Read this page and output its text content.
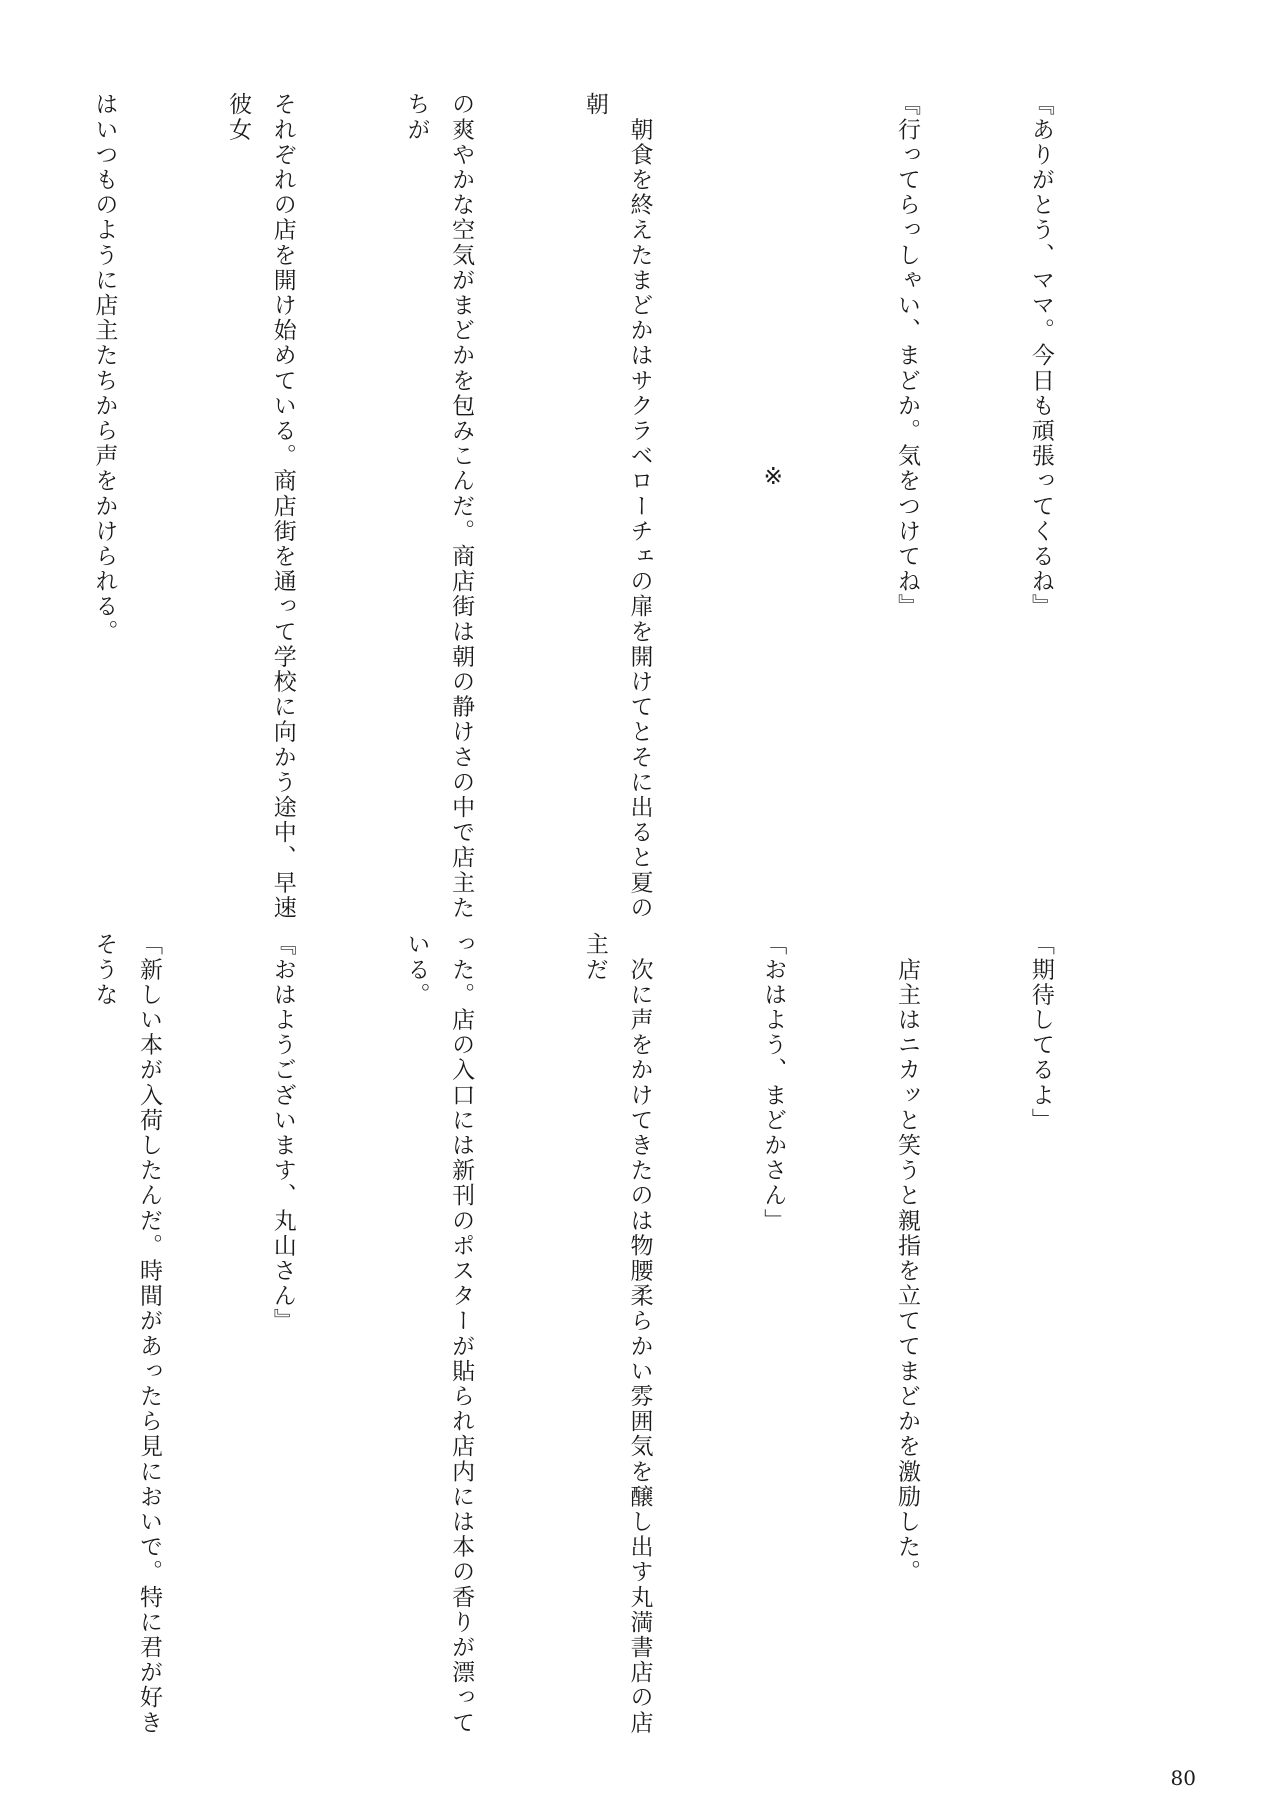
『ありがとう、ママ。今日も頑張ってくるね』

『行ってらっしゃい、まどか。気をつけてね』

※

　朝食を終えたまどかはサクラベローチェの扉を開けてとそに出ると夏の朝

の爽やかな空気がまどかを包みこんだ。商店街は朝の静けさの中で店主たちが

それぞれの店を開け始めている。商店街を通って学校に向かう途中、早速彼女

はいつものように店主たちから声をかけられる。

「期待してるよ」

　店主はニカッと笑うと親指を立ててまどかを激励した。

「おはよう、まどかさん」

　次に声をかけてきたのは物腰柔らかい雰囲気を醸し出す丸満書店の店主だ

った。店の入口には新刊のポスターが貼られ店内には本の香りが漂っている。

『おはようございます、丸山さん』

「新しい本が入荷したんだ。時間があったら見においで。特に君が好きそうな

80
